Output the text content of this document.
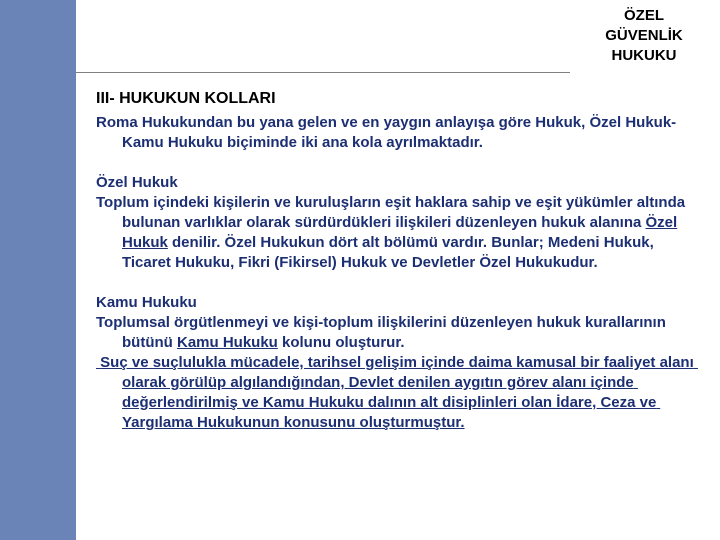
ÖZEL
GÜVENLİK
HUKUKU
III- HUKUKUN KOLLARI

Roma Hukukundan bu yana gelen ve en yaygın anlayışa göre Hukuk, Özel Hukuk-Kamu Hukuku biçiminde iki ana kola ayrılmaktadır.

Özel Hukuk

Toplum içindeki kişilerin ve kuruluşların eşit haklara sahip ve eşit yükümler altında bulunan varlıklar olarak sürdürdükleri ilişkileri düzenleyen hukuk alanına Özel Hukuk denilir. Özel Hukukun dört alt bölümü vardır. Bunlar; Medeni Hukuk, Ticaret Hukuku, Fikri (Fikirsel) Hukuk ve Devletler Özel Hukukudur.

Kamu Hukuku

Toplumsal örgütlenmeyi ve kişi-toplum ilişkilerini düzenleyen hukuk kurallarının bütünü Kamu Hukuku kolunu oluşturur.

Suç ve suçlulukla mücadele, tarihsel gelişim içinde daima kamusal bir faaliyet alanı olarak görülüp algılandığından, Devlet denilen aygıtın görev alanı içinde değerlendirilmiş ve Kamu Hukuku dalının alt disiplinleri olan İdare, Ceza ve Yargılama Hukukunun konusunu oluşturmuştur.
